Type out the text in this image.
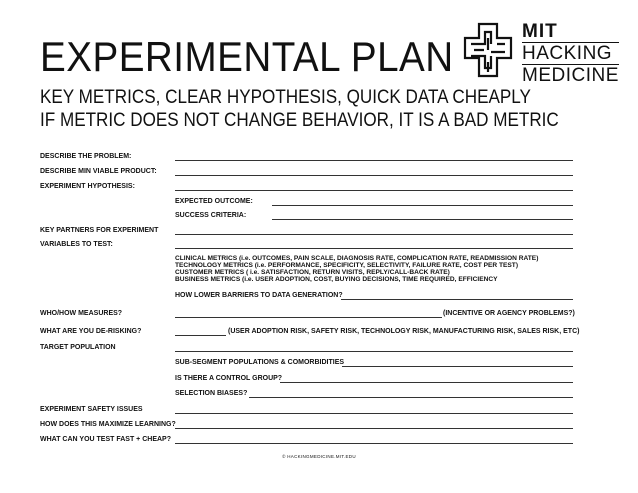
EXPERIMENTAL PLAN
KEY METRICS, CLEAR HYPOTHESIS, QUICK DATA CHEAPLY
IF METRIC DOES NOT CHANGE BEHAVIOR, IT IS A BAD METRIC
MIT
HACKING
MEDICINE
DESCRIBE THE PROBLEM:
DESCRIBE MIN VIABLE PRODUCT:
EXPERIMENT HYPOTHESIS:
EXPECTED OUTCOME:
SUCCESS CRITERIA:
KEY PARTNERS FOR EXPERIMENT
VARIABLES TO TEST:
CLINICAL METRICS (i.e. OUTCOMES, PAIN SCALE, DIAGNOSIS RATE, COMPLICATION RATE, READMISSION RATE)
TECHNOLOGY METRICS (i.e. PERFORMANCE, SPECIFICITY, SELECTIVITY, FAILURE RATE, COST PER TEST)
CUSTOMER METRICS ( i.e. SATISFACTION, RETURN VISITS, REPLY/CALL-BACK RATE)
BUSINESS METRICS (i.e. USER ADOPTION, COST, BUYING DECISIONS, TIME REQUIRED, EFFICIENCY
HOW LOWER BARRIERS TO DATA GENERATION?
WHO/HOW MEASURES?	(INCENTIVE OR AGENCY PROBLEMS?)
WHAT ARE YOU DE-RISKING?	(USER ADOPTION RISK, SAFETY RISK, TECHNOLOGY RISK, MANUFACTURING RISK, SALES RISK, ETC)
TARGET POPULATION
SUB-SEGMENT POPULATIONS & COMORBIDITIES
IS THERE A CONTROL GROUP?
SELECTION BIASES?
EXPERIMENT SAFETY ISSUES
HOW DOES THIS MAXIMIZE LEARNING?
WHAT CAN YOU TEST FAST + CHEAP?
© HACKINGMEDICINE.MIT.EDU
